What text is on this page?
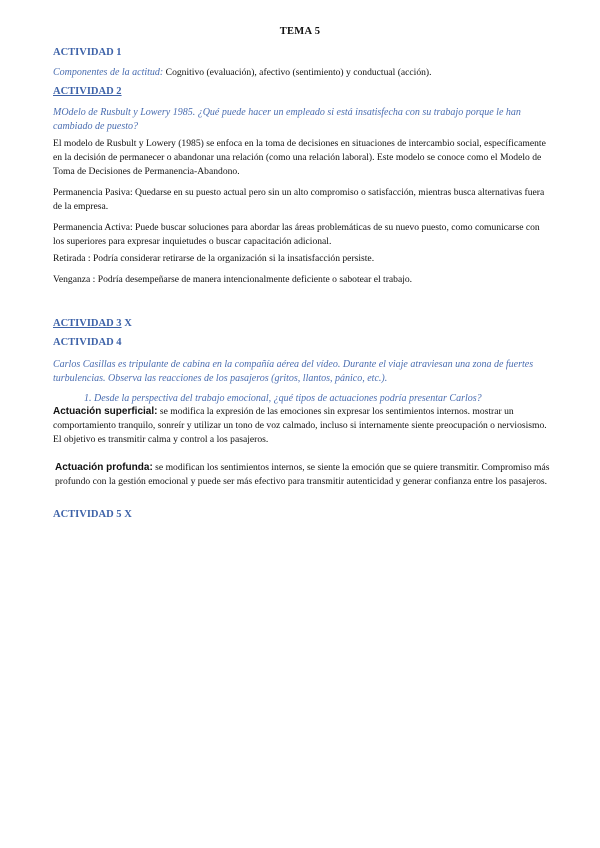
TEMA 5
ACTIVIDAD 1
Componentes de la actitud: Cognitivo (evaluación), afectivo (sentimiento) y conductual (acción).
ACTIVIDAD 2
MOdelo de Rusbult y Lowery 1985. ¿Qué puede hacer un empleado si está insatisfecha con su trabajo porque le han cambiado de puesto?
El modelo de Rusbult y Lowery (1985) se enfoca en la toma de decisiones en situaciones de intercambio social, específicamente en la decisión de permanecer o abandonar una relación (como una relación laboral). Este modelo se conoce como el Modelo de Toma de Decisiones de Permanencia-Abandono.
Permanencia Pasiva: Quedarse en su puesto actual pero sin un alto compromiso o satisfacción, mientras busca alternativas fuera de la empresa.
Permanencia Activa: Puede buscar soluciones para abordar las áreas problemáticas de su nuevo puesto, como comunicarse con los superiores para expresar inquietudes o buscar capacitación adicional.
Retirada : Podría considerar retirarse de la organización si la insatisfacción persiste.
Venganza : Podría desempeñarse de manera intencionalmente deficiente o sabotear el trabajo.
ACTIVIDAD 3 X
ACTIVIDAD 4
Carlos Casillas es tripulante de cabina en la compañía aérea del vídeo. Durante el viaje atraviesan una zona de fuertes turbulencias. Observa las reacciones de los pasajeros (gritos, llantos, pánico, etc.).
1. Desde la perspectiva del trabajo emocional, ¿qué tipos de actuaciones podría presentar Carlos?
Actuación superficial: se modifica la expresión de las emociones sin expresar los sentimientos internos. mostrar un comportamiento tranquilo, sonreír y utilizar un tono de voz calmado, incluso si internamente siente preocupación o nerviosismo. El objetivo es transmitir calma y control a los pasajeros.
Actuación profunda: se modifican los sentimientos internos, se siente la emoción que se quiere transmitir. Compromiso más profundo con la gestión emocional y puede ser más efectivo para transmitir autenticidad y generar confianza entre los pasajeros.
ACTIVIDAD 5 X
